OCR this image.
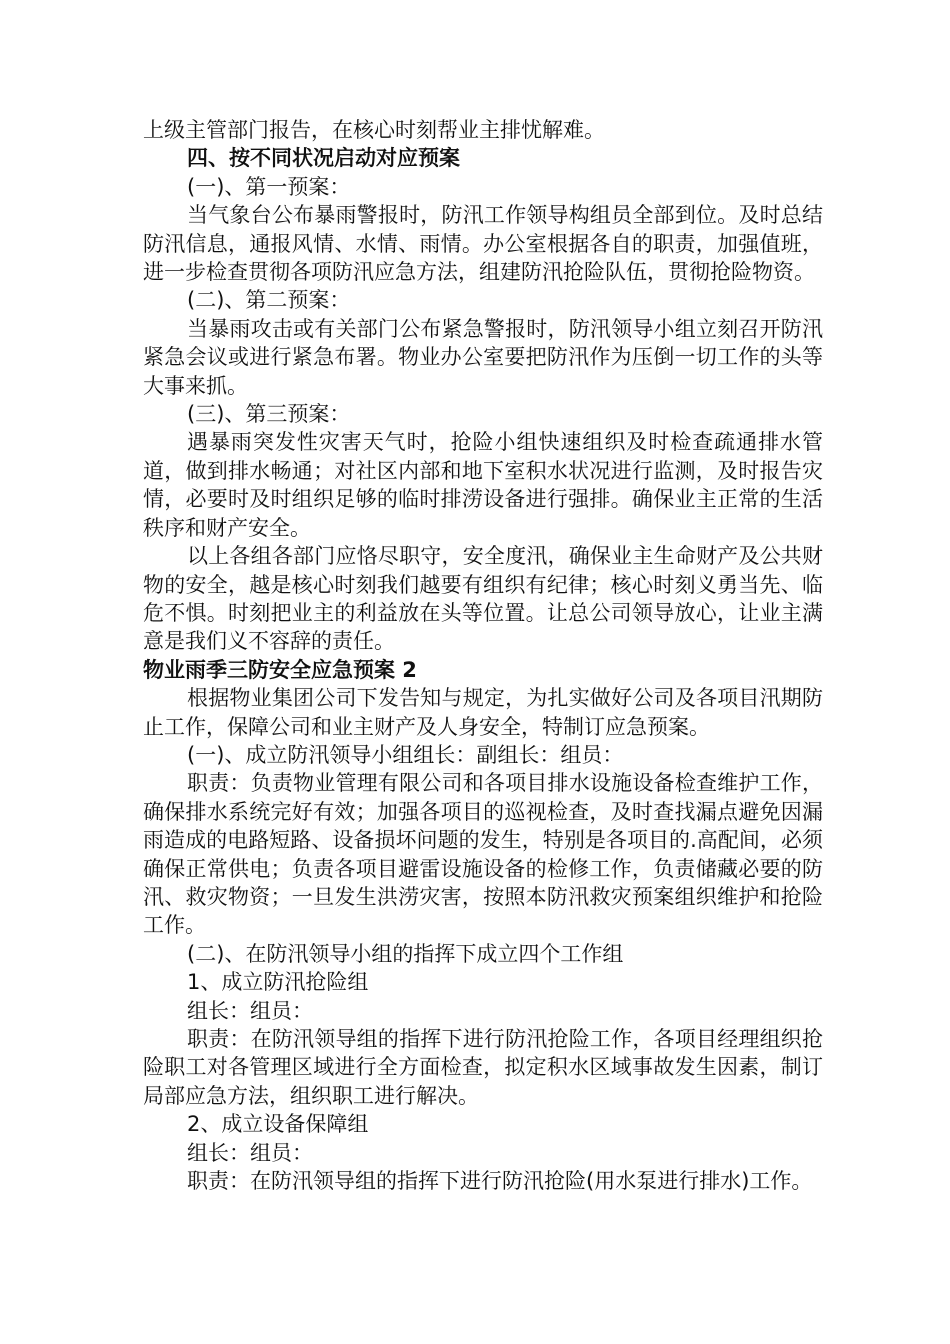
上级主管部门报告，在核心时刻帮业主排忧解难。

四、按不同状况启动对应预案

(一)、第一预案：

当气象台公布暴雨警报时，防汛工作领导构组员全部到位。及时总结防汛信息，通报风情、水情、雨情。办公室根据各自的职责，加强值班，进一步检查贯彻各项防汛应急方法，组建防汛抢险队伍，贯彻抢险物资。

(二)、第二预案：

当暴雨攻击或有关部门公布紧急警报时，防汛领导小组立刻召开防汛紧急会议或进行紧急布署。物业办公室要把防汛作为压倒一切工作的头等大事来抓。

(三)、第三预案：

遇暴雨突发性灾害天气时，抢险小组快速组织及时检查疏通排水管道，做到排水畅通；对社区内部和地下室积水状况进行监测，及时报告灾情，必要时及时组织足够的临时排涝设备进行强排。确保业主正常的生活秩序和财产安全。

以上各组各部门应恪尽职守，安全度汛，确保业主生命财产及公共财物的安全，越是核心时刻我们越要有组织有纪律；核心时刻义勇当先、临危不惧。时刻把业主的利益放在头等位置。让总公司领导放心，让业主满意是我们义不容辞的责任。

物业雨季三防安全应急预案 2

根据物业集团公司下发告知与规定，为扎实做好公司及各项目汛期防止工作，保障公司和业主财产及人身安全，特制订应急预案。

(一)、成立防汛领导小组组长：副组长：组员：

职责：负责物业管理有限公司和各项目排水设施设备检查维护工作，确保排水系统完好有效；加强各项目的巡视检查，及时查找漏点避免因漏雨造成的电路短路、设备损坏问题的发生，特别是各项目的.高配间，必须确保正常供电；负责各项目避雷设施设备的检修工作，负责储藏必要的防汛、救灾物资；一旦发生洪涝灾害，按照本防汛救灾预案组织维护和抢险工作。

(二)、在防汛领导小组的指挥下成立四个工作组

1、成立防汛抢险组

组长：组员：

职责：在防汛领导组的指挥下进行防汛抢险工作，各项目经理组织抢险职工对各管理区域进行全方面检查，拟定积水区域事故发生因素，制订局部应急方法，组织职工进行解决。

2、成立设备保障组

组长：组员：

职责：在防汛领导组的指挥下进行防汛抢险(用水泵进行排水)工作。
